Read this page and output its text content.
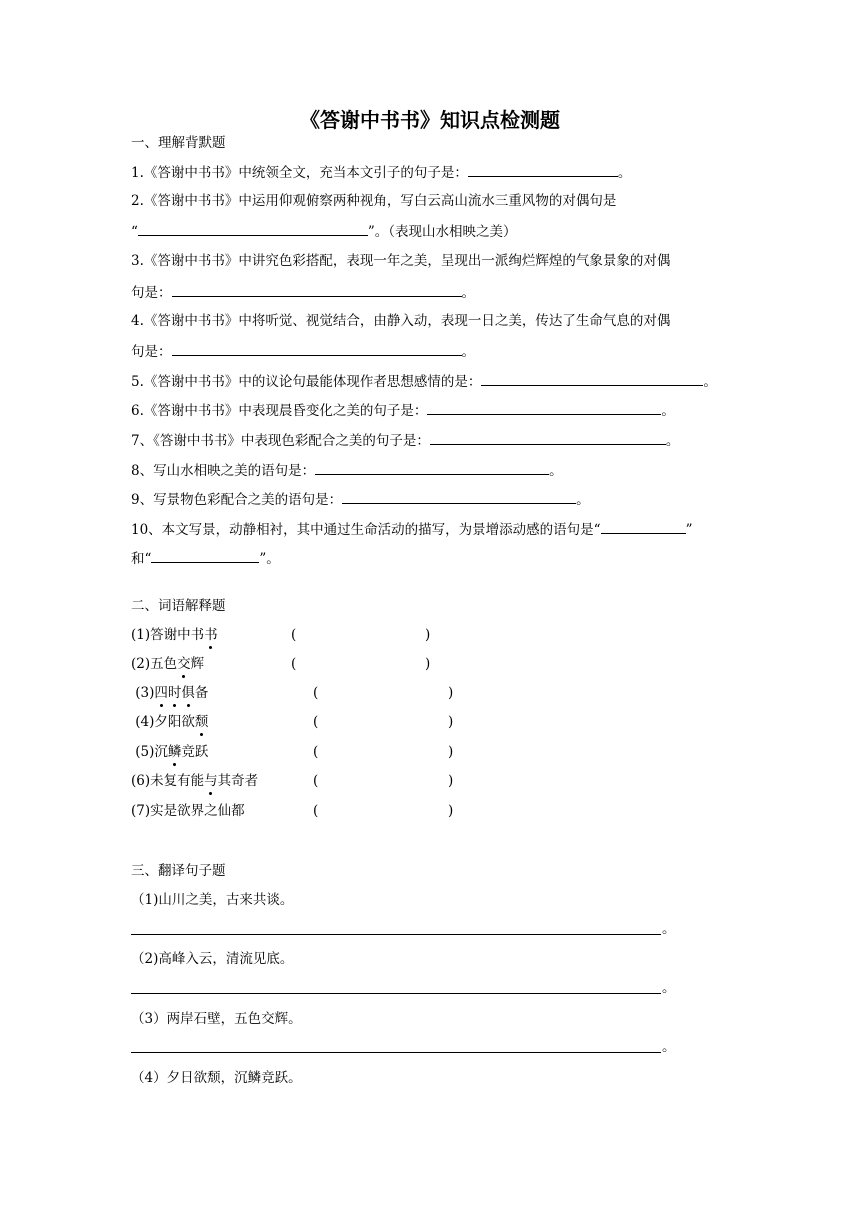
《答谢中书书》知识点检测题
一、理解背默题
1.《答谢中书书》中统领全文，充当本文引子的句子是：	。
2.《答谢中书书》中运用仰观俯察两种视角，写白云高山流水三重风物的对偶句是
“	”。（表现山水相映之美）
3.《答谢中书书》中讲究色彩搭配，表现一年之美，呈现出一派绚烂辉煌的气象景象的对偶
句是：	。
4.《答谢中书书》中将听觉、视觉结合，由静入动，表现一日之美，传达了生命气息的对偶
句是：	。
5.《答谢中书书》中的议论句最能体现作者思想感情的是：	。
6.《答谢中书书》中表现晨昏变化之美的句子是：	。
7、《答谢中书书》中表现色彩配合之美的句子是：	。
8、写山水相映之美的语句是：	。
9、写景物色彩配合之美的语句是：	。
10、本文写景，动静相衬，其中通过生命活动的描写，为景增添动感的语句是“	”
和“	”。
二、词语解释题
(1)答谢中书书	(	)
(2)五色交辉	(	)
(3)四时俱备	(	)
(4)夕阳欲颓	(	)
(5)沉鳞竞跃	(	)
(6)未复有能与其奇者	(	)
(7)实是欲界之仙都	(	)
三、翻译句子题
（1)山川之美，古来共谈。
。
（2)高峰入云，清流见底。
。
（3）两岸石壁，五色交辉。
。
（4）夕日欲颓，沉鳞竞跃。
